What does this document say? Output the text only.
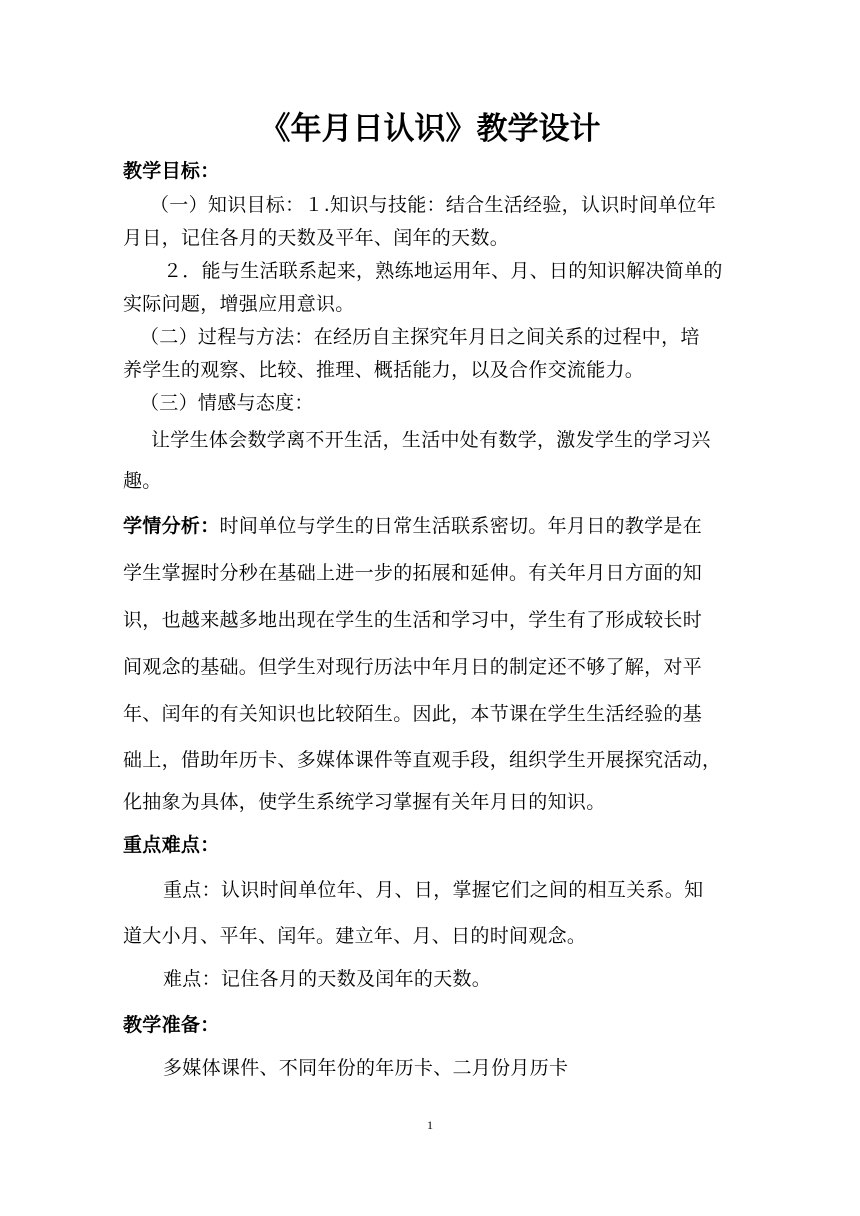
《年月日认识》教学设计
教学目标：
（一）知识目标：１.知识与技能：结合生活经验，认识时间单位年
月日，记住各月的天数及平年、闰年的天数。
２．能与生活联系起来，熟练地运用年、月、日的知识解决简单的
实际问题，增强应用意识。
（二）过程与方法：在经历自主探究年月日之间关系的过程中，培
养学生的观察、比较、推理、概括能力，以及合作交流能力。
（三）情感与态度：
让学生体会数学离不开生活，生活中处有数学，激发学生的学习兴
趣。
学情分析：时间单位与学生的日常生活联系密切。年月日的教学是在
学生掌握时分秒在基础上进一步的拓展和延伸。有关年月日方面的知
识，也越来越多地出现在学生的生活和学习中，学生有了形成较长时
间观念的基础。但学生对现行历法中年月日的制定还不够了解，对平
年、闰年的有关知识也比较陌生。因此，本节课在学生生活经验的基
础上，借助年历卡、多媒体课件等直观手段，组织学生开展探究活动，
化抽象为具体，使学生系统学习掌握有关年月日的知识。
重点难点：
重点：认识时间单位年、月、日，掌握它们之间的相互关系。知
道大小月、平年、闰年。建立年、月、日的时间观念。
难点：记住各月的天数及闰年的天数。
教学准备：
多媒体课件、不同年份的年历卡、二月份月历卡
1
